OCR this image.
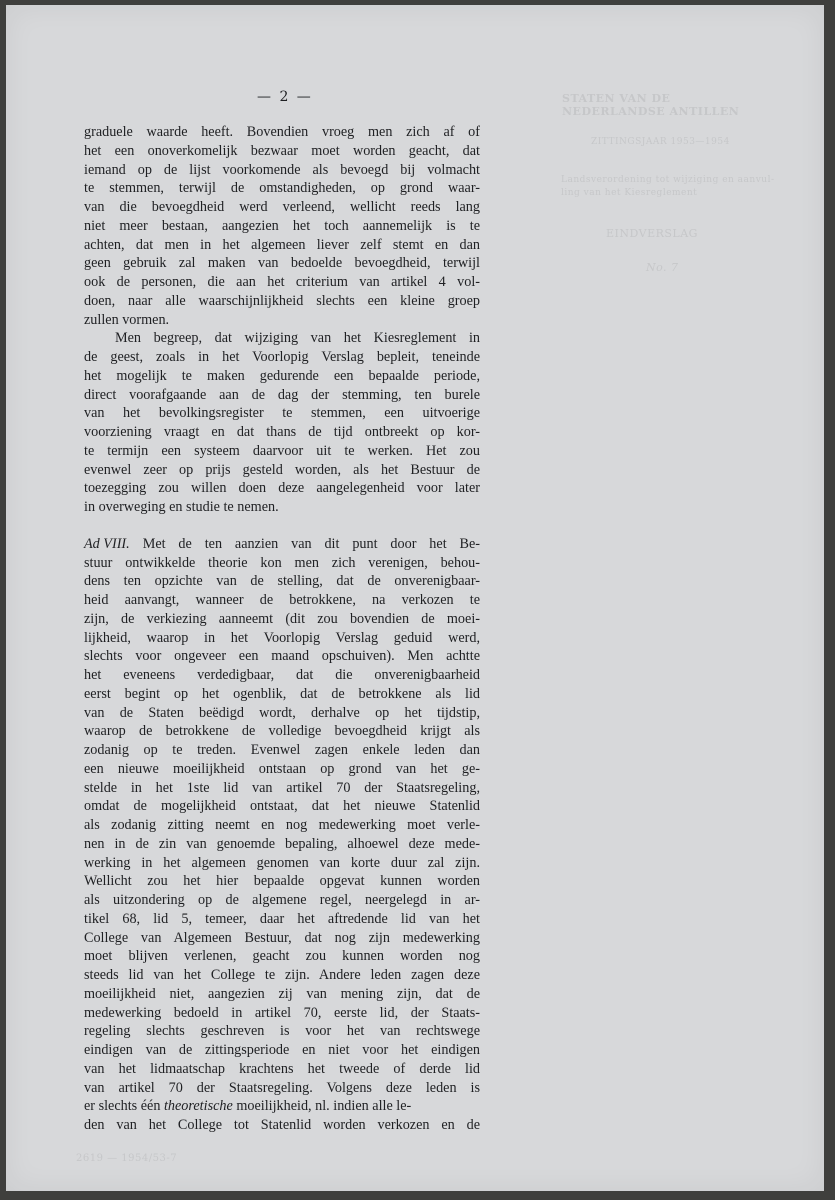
STATEN VAN DE
NEDERLANDSE ANTILLEN
ZITTINGSJAAR 1953—1954
Landsverordening tot wijziging en aanvul-
ling van het Kiesreglement
EINDVERSLAG
No. 7
2619 — 1954/53-7
— 2 —
graduele waarde heeft. Bovendien vroeg men zich af of
het een onoverkomelijk bezwaar moet worden geacht, dat
iemand op de lijst voorkomende als bevoegd bij volmacht
te stemmen, terwijl de omstandigheden, op grond waar-
van die bevoegdheid werd verleend, wellicht reeds lang
niet meer bestaan, aangezien het toch aannemelijk is te
achten, dat men in het algemeen liever zelf stemt en dan
geen gebruik zal maken van bedoelde bevoegdheid, terwijl
ook de personen, die aan het criterium van artikel 4 vol-
doen, naar alle waarschijnlijkheid slechts een kleine groep
zullen vormen.
Men begreep, dat wijziging van het Kiesreglement in
de geest, zoals in het Voorlopig Verslag bepleit, teneinde
het mogelijk te maken gedurende een bepaalde periode,
direct voorafgaande aan de dag der stemming, ten burele
van het bevolkingsregister te stemmen, een uitvoerige
voorziening vraagt en dat thans de tijd ontbreekt op kor-
te termijn een systeem daarvoor uit te werken. Het zou
evenwel zeer op prijs gesteld worden, als het Bestuur de
toezegging zou willen doen deze aangelegenheid voor later
in overweging en studie te nemen.
Ad VIII. Met de ten aanzien van dit punt door het Be-
stuur ontwikkelde theorie kon men zich verenigen, behou-
dens ten opzichte van de stelling, dat de onverenigbaar-
heid aanvangt, wanneer de betrokkene, na verkozen te
zijn, de verkiezing aanneemt (dit zou bovendien de moei-
lijkheid, waarop in het Voorlopig Verslag geduid werd,
slechts voor ongeveer een maand opschuiven). Men achtte
het eveneens verdedigbaar, dat die onverenigbaarheid
eerst begint op het ogenblik, dat de betrokkene als lid
van de Staten beëdigd wordt, derhalve op het tijdstip,
waarop de betrokkene de volledige bevoegdheid krijgt als
zodanig op te treden. Evenwel zagen enkele leden dan
een nieuwe moeilijkheid ontstaan op grond van het ge-
stelde in het 1ste lid van artikel 70 der Staatsregeling,
omdat de mogelijkheid ontstaat, dat het nieuwe Statenlid
als zodanig zitting neemt en nog medewerking moet verle-
nen in de zin van genoemde bepaling, alhoewel deze mede-
werking in het algemeen genomen van korte duur zal zijn.
Wellicht zou het hier bepaalde opgevat kunnen worden
als uitzondering op de algemene regel, neergelegd in ar-
tikel 68, lid 5, temeer, daar het aftredende lid van het
College van Algemeen Bestuur, dat nog zijn medewerking
moet blijven verlenen, geacht zou kunnen worden nog
steeds lid van het College te zijn. Andere leden zagen deze
moeilijkheid niet, aangezien zij van mening zijn, dat de
medewerking bedoeld in artikel 70, eerste lid, der Staats-
regeling slechts geschreven is voor het van rechtswege
eindigen van de zittingsperiode en niet voor het eindigen
van het lidmaatschap krachtens het tweede of derde lid
van artikel 70 der Staatsregeling. Volgens deze leden is
er slechts één theoretische moeilijkheid, nl. indien alle le-
den van het College tot Statenlid worden verkozen en de
